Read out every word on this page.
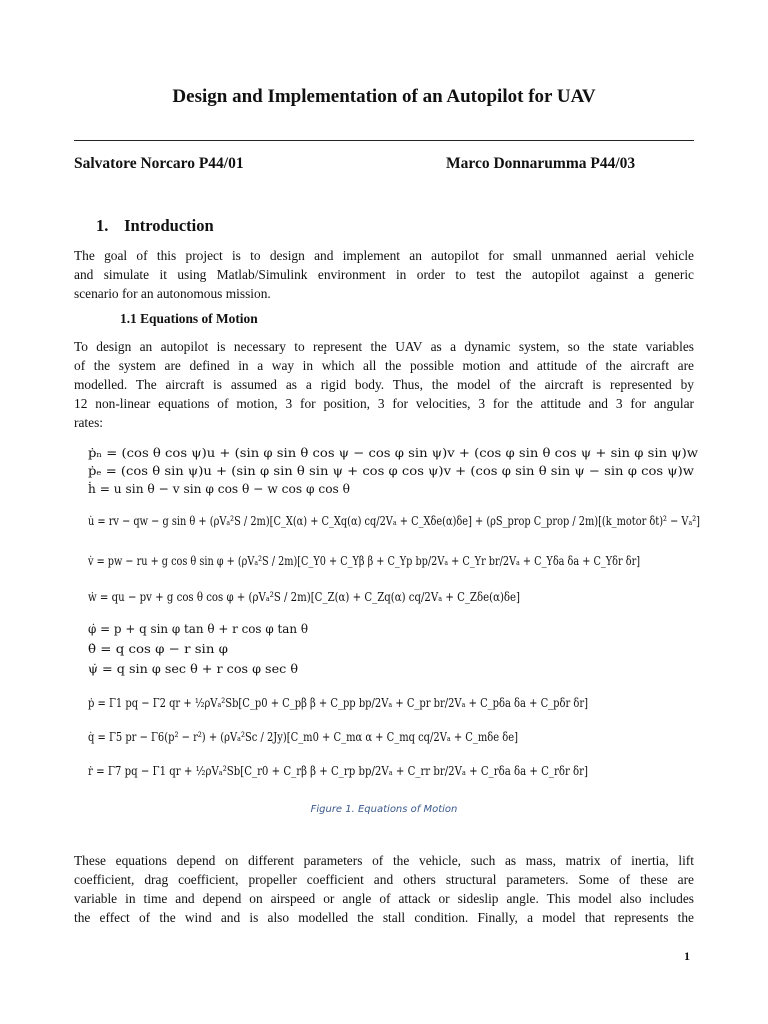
Design and Implementation of an Autopilot for UAV
Salvatore Norcaro P44/01	Marco Donnarumma P44/03
1. Introduction
The goal of this project is to design and implement an autopilot for small unmanned aerial vehicle
and simulate it using Matlab/Simulink environment in order to test the autopilot against a generic
scenario for an autonomous mission.
1.1 Equations of Motion
To design an autopilot is necessary to represent the UAV as a dynamic system, so the state variables
of the system are defined in a way in which all the possible motion and attitude of the aircraft are
modelled. The aircraft is assumed as a rigid body. Thus, the model of the aircraft is represented by
12 non-linear equations of motion, 3 for position, 3 for velocities, 3 for the attitude and 3 for angular
rates:
ṗₙ = (cos θ cos ψ)u + (sin φ sin θ cos ψ − cos φ sin ψ)v + (cos φ sin θ cos ψ + sin φ sin ψ)w
ṗₑ = (cos θ sin ψ)u + (sin φ sin θ sin ψ + cos φ cos ψ)v + (cos φ sin θ sin ψ − sin φ cos ψ)w
ḣ = u sin θ − v sin φ cos θ − w cos φ cos θ
u̇ = rv − qw − g sin θ + (ρVₐ²S / 2m)[C_X(α) + C_Xq(α) cq/2Vₐ + C_Xδe(α)δe] + (ρS_prop C_prop / 2m)[(k_motor δt)² − Vₐ²]
v̇ = pw − ru + g cos θ sin φ + (ρVₐ²S / 2m)[C_Y0 + C_Yβ β + C_Yp bp/2Vₐ + C_Yr br/2Vₐ + C_Yδa δa + C_Yδr δr]
ẇ = qu − pv + g cos θ cos φ + (ρVₐ²S / 2m)[C_Z(α) + C_Zq(α) cq/2Vₐ + C_Zδe(α)δe]
φ̇ = p + q sin φ tan θ + r cos φ tan θ
θ̇ = q cos φ − r sin φ
ψ̇ = q sin φ sec θ + r cos φ sec θ
ṗ = Γ1 pq − Γ2 qr + ½ρVₐ²Sb[C_p0 + C_pβ β + C_pp bp/2Vₐ + C_pr br/2Vₐ + C_pδa δa + C_pδr δr]
q̇ = Γ5 pr − Γ6(p² − r²) + (ρVₐ²Sc / 2Jy)[C_m0 + C_mα α + C_mq cq/2Vₐ + C_mδe δe]
ṙ = Γ7 pq − Γ1 qr + ½ρVₐ²Sb[C_r0 + C_rβ β + C_rp bp/2Vₐ + C_rr br/2Vₐ + C_rδa δa + C_rδr δr]
Figure 1. Equations of Motion
These equations depend on different parameters of the vehicle, such as mass, matrix of inertia, lift
coefficient, drag coefficient, propeller coefficient and others structural parameters. Some of these are
variable in time and depend on airspeed or angle of attack or sideslip angle. This model also includes
the effect of the wind and is also modelled the stall condition. Finally, a model that represents the
1
